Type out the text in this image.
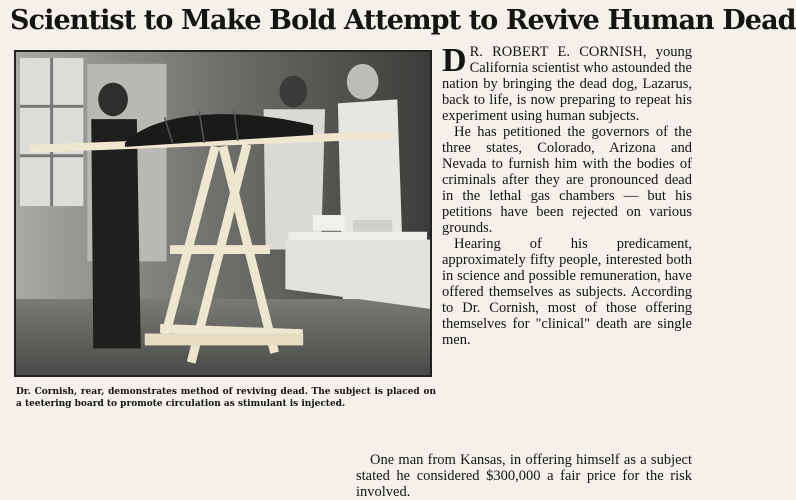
Scientist to Make Bold Attempt to Revive Human Dead

Dr. Cornish, rear, demonstrates method of reviving dead. The subject is placed on a teetering board to promote circulation as stimulant is injected.

D R. ROBERT E. CORNISH, young California scientist who astounded the nation by bringing the dead dog, Lazarus, back to life, is now preparing to repeat his experiment using human subjects.

He has petitioned the governors of the three states, Colorado, Arizona and Nevada to furnish him with the bodies of criminals after they are pronounced dead in the lethal gas chambers — but his petitions have been rejected on various grounds.

Hearing of his predicament, approximately fifty people, interested both in science and possible remuneration, have offered themselves as subjects. According to Dr. Cornish, most of those offering themselves for "clinical" death are single men.

One man from Kansas, in offering himself as a subject stated he considered $300,000 a fair price for the risk involved.
